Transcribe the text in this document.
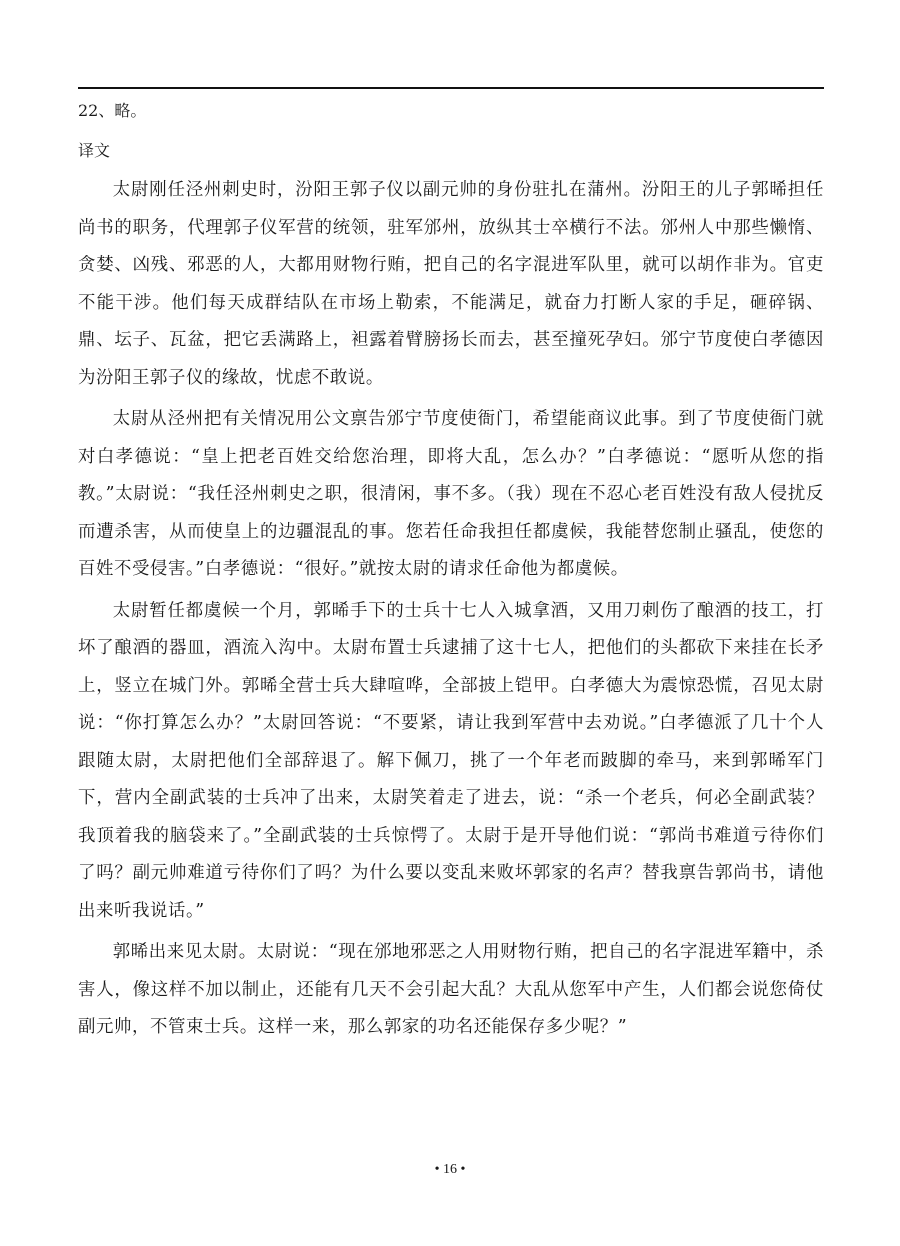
22、略。

译文

太尉刚任泾州刺史时，汾阳王郭子仪以副元帅的身份驻扎在蒲州。汾阳王的儿子郭晞担任尚书的职务，代理郭子仪军营的统领，驻军邠州，放纵其士卒横行不法。邠州人中那些懒惰、贪婪、凶残、邪恶的人，大都用财物行贿，把自己的名字混进军队里，就可以胡作非为。官吏不能干涉。他们每天成群结队在市场上勒索，不能满足，就奋力打断人家的手足，砸碎锅、鼎、坛子、瓦盆，把它丢满路上，袒露着臂膀扬长而去，甚至撞死孕妇。邠宁节度使白孝德因为汾阳王郭子仪的缘故，忧虑不敢说。

太尉从泾州把有关情况用公文禀告邠宁节度使衙门，希望能商议此事。到了节度使衙门就对白孝德说：“皇上把老百姓交给您治理，即将大乱，怎么办？”白孝德说：“愿听从您的指教。”太尉说：“我任泾州刺史之职，很清闲，事不多。（我）现在不忍心老百姓没有敌人侵扰反而遭杀害，从而使皇上的边疆混乱的事。您若任命我担任都虞候，我能替您制止骚乱，使您的百姓不受侵害。”白孝德说：“很好。”就按太尉的请求任命他为都虞候。

太尉暂任都虞候一个月，郭晞手下的士兵十七人入城拿酒，又用刀刺伤了酿酒的技工，打坏了酿酒的器皿，酒流入沟中。太尉布置士兵逮捕了这十七人，把他们的头都砍下来挂在长矛上，竖立在城门外。郭晞全营士兵大肆喧哗，全部披上铠甲。白孝德大为震惊恐慌，召见太尉说：“你打算怎么办？”太尉回答说：“不要紧，请让我到军营中去劝说。”白孝德派了几十个人跟随太尉，太尉把他们全部辞退了。解下佩刀，挑了一个年老而跛脚的牵马，来到郭晞军门下，营内全副武装的士兵冲了出来，太尉笑着走了进去，说：“杀一个老兵，何必全副武装？我顶着我的脑袋来了。”全副武装的士兵惊愕了。太尉于是开导他们说：“郭尚书难道亏待你们了吗？副元帅难道亏待你们了吗？为什么要以变乱来败坏郭家的名声？替我禀告郭尚书，请他出来听我说话。”

郭晞出来见太尉。太尉说：“现在邠地邪恶之人用财物行贿，把自己的名字混进军籍中，杀害人，像这样不加以制止，还能有几天不会引起大乱？大乱从您军中产生，人们都会说您倚仗副元帅，不管束士兵。这样一来，那么郭家的功名还能保存多少呢？”

• 16 •
